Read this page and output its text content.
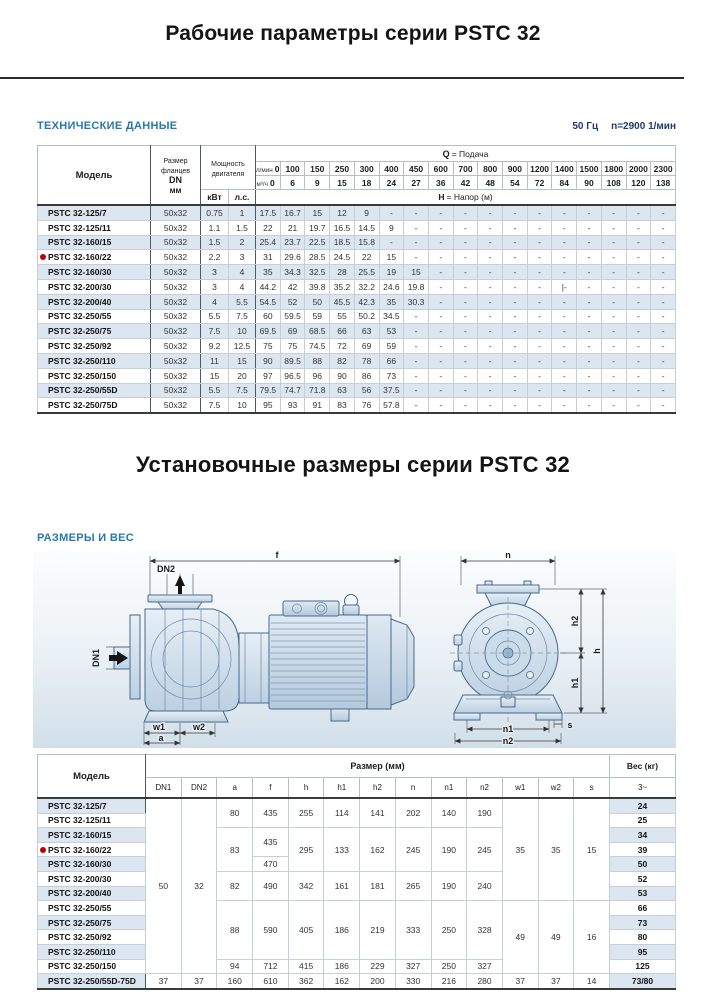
Рабочие параметры серии PSTC 32
ТЕХНИЧЕСКИЕ ДАННЫЕ	50 Гц n=2900 1/мин
Модель	Размер
фланцев
DN
мм	Мощность
двигателя		Q = Подача																
				л/мин 0	100	150	250	300	400	450	600	700	800	900	1200	1400	1500	1800	2000	2300
				м³/ч 0	6	9	15	18	24	27	36	42	48	54	72	84	90	108	120	138
		кВт	л.с.	H = Напор (м)																
PSTC 32-125/7	50x32	0.75	1	17.5	16.7	15	12	9	-	-	-	-	-	-	-	-	-	-	-	-
PSTC 32-125/11	50x32	1.1	1.5	22	21	19.7	16.5	14.5	9	-	-	-	-	-	-	-	-	-	-	-
PSTC 32-160/15	50x32	1.5	2	25.4	23.7	22.5	18.5	15.8	-	-	-	-	-	-	-	-	-	-	-	-

PSTC 32-160/22	50x32	2.2	3	31	29.6	28.5	24.5	22	15	-	-	-	-	-	-	-	-	-	-	-
PSTC 32-160/30	50x32	3	4	35	34.3	32.5	28	25.5	19	15	-	-	-	-	-	-	-	-	-	-
PSTC 32-200/30	50x32	3	4	44.2	42	39.8	35.2	32.2	24.6	19.8	-	-	-	-	-	|-	-	-	-	-
PSTC 32-200/40	50x32	4	5.5	54.5	52	50	45.5	42.3	35	30.3	-	-	-	-	-	-	-	-	-	-
PSTC 32-250/55	50x32	5.5	7.5	60	59.5	59	55	50.2	34.5	-	-	-	-	-	-	-	-	-	-	-
PSTC 32-250/75	50x32	7.5	10	69.5	69	68.5	66	63	53	-	-	-	-	-	-	-	-	-	-	-
PSTC 32-250/92	50x32	9.2	12.5	75	75	74.5	72	69	59	-	-	-	-	-	-	-	-	-	-	-
PSTC 32-250/110	50x32	11	15	90	89.5	88	82	78	66	-	-	-	-	-	-	-	-	-	-	-
PSTC 32-250/150	50x32	15	20	97	96.5	96	90	86	73	-	-	-	-	-	-	-	-	-	-	-
PSTC 32-250/55D	50x32	5.5	7.5	79.5	74.7	71.8	63	56	37.5	-	-	-	-	-	-	-	-	-	-	-
PSTC 32-250/75D	50x32	7.5	10	95	93	91	83	76	57.8	-	-	-	-	-	-	-	-	-	-	-
Установочные размеры серии PSTC 32
РАЗМЕРЫ И ВЕС
f
DN2
DN1
w1	w2
a
n
h2
h1
h
s
n1
n2
Модель	Размер (мм)													Вес (кг)
	DN1	DN2	a	f	h	h1	h2	n	n1	n2	w1	w2	s	3~
PSTC 32-125/7	50	32	80	435	255	114	141	202	140	190	35	35	15	24
PSTC 32-125/11														25
PSTC 32-160/15			83	435	295	133	162	245	190	245				34

PSTC 32-160/22														39
PSTC 32-160/30				470										50
PSTC 32-200/30			82	490	342	161	181	265	190	240				52
PSTC 32-200/40														53
PSTC 32-250/55			88	590	405	186	219	333	250	328	49	49	16	66
PSTC 32-250/75														73
PSTC 32-250/92														80
PSTC 32-250/110														95
PSTC 32-250/150			94	712	415	186	229	327	250	327				125
PSTC 32-250/55D-75D	37	37	160	610	362	162	200	330	216	280	37	37	14	73/80
